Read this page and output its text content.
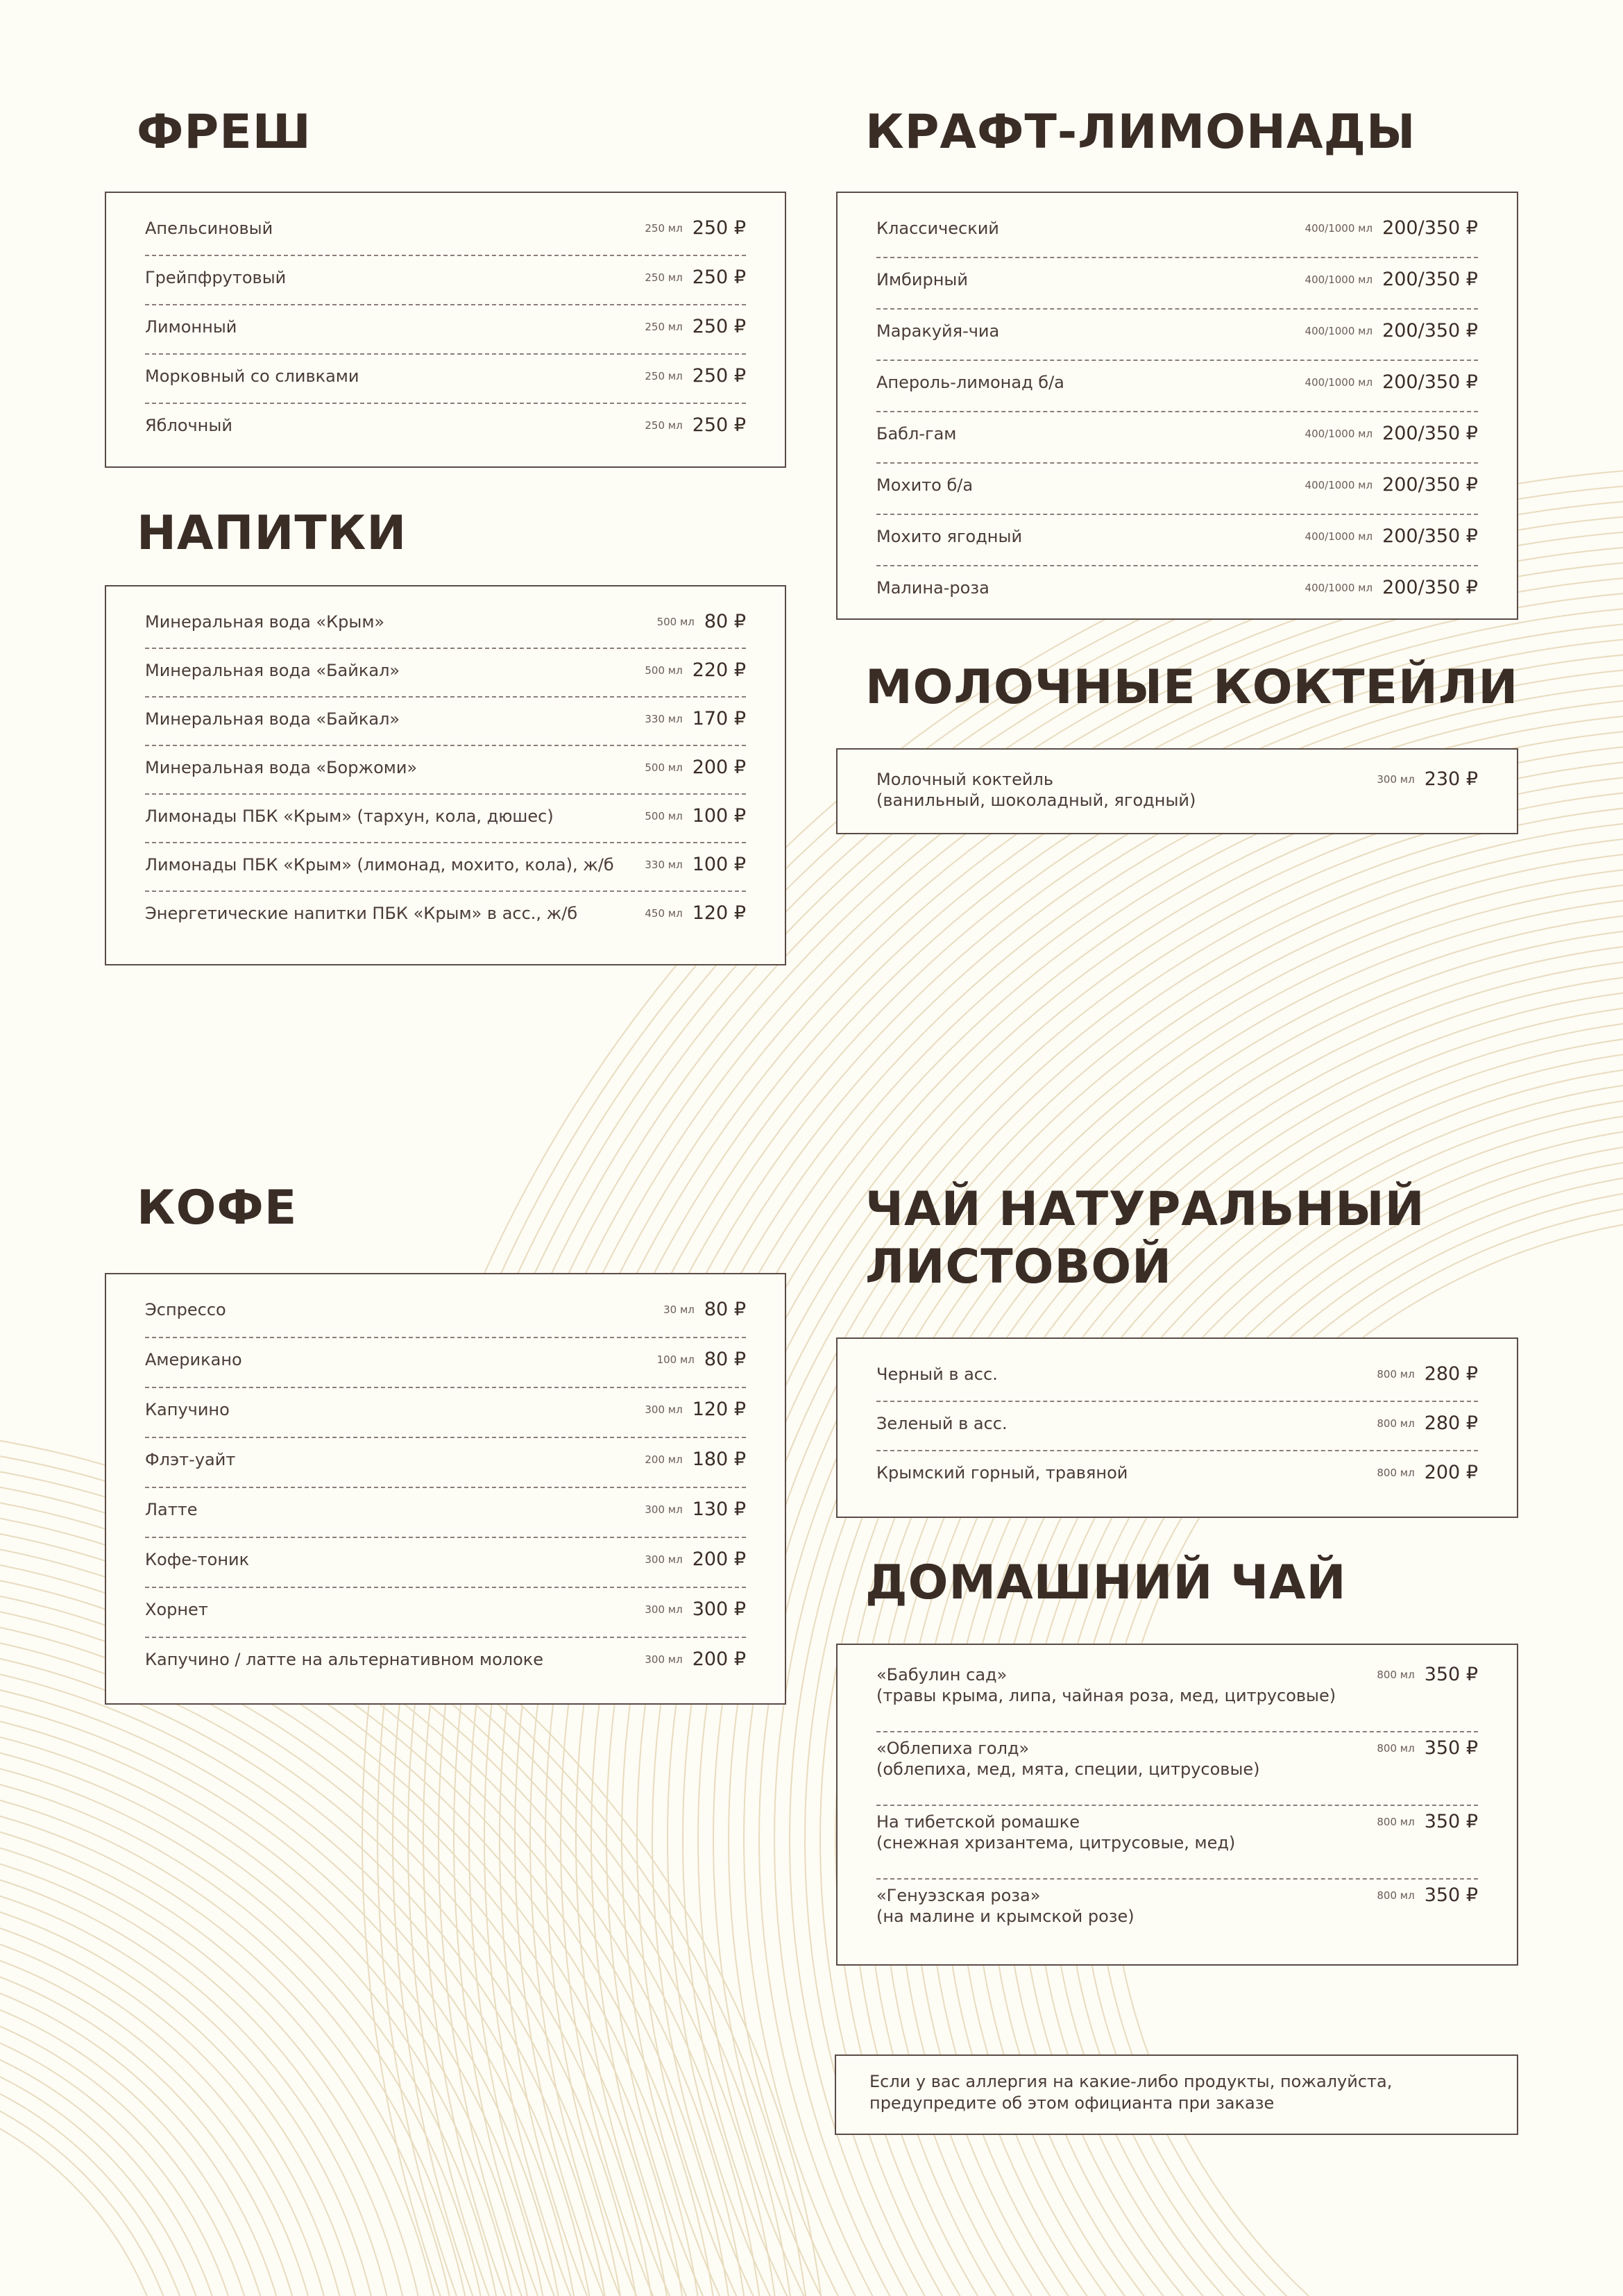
ФРЕШ
Апельсиновый	250 мл 250 ₽
Грейпфрутовый	250 мл 250 ₽
Лимонный	250 мл 250 ₽
Морковный со сливками	250 мл 250 ₽
Яблочный	250 мл 250 ₽
НАПИТКИ
Минеральная вода «Крым»	500 мл 80 ₽
Минеральная вода «Байкал»	500 мл 220 ₽
Минеральная вода «Байкал»	330 мл 170 ₽
Минеральная вода «Боржоми»	500 мл 200 ₽
Лимонады ПБК «Крым» (тархун, кола, дюшес)	500 мл 100 ₽
Лимонады ПБК «Крым» (лимонад, мохито, кола), ж/б	330 мл 100 ₽
Энергетические напитки ПБК «Крым» в асс., ж/б	450 мл 120 ₽
КРАФТ-ЛИМОНАДЫ
Классический	400/1000 мл 200/350 ₽
Имбирный	400/1000 мл 200/350 ₽
Маракуйя-чиа	400/1000 мл 200/350 ₽
Апероль-лимонад б/а	400/1000 мл 200/350 ₽
Бабл-гам	400/1000 мл 200/350 ₽
Мохито б/а	400/1000 мл 200/350 ₽
Мохито ягодный	400/1000 мл 200/350 ₽
Малина-роза	400/1000 мл 200/350 ₽
МОЛОЧНЫЕ КОКТЕЙЛИ
Молочный коктейль
(ванильный, шоколадный, ягодный)
300 мл 230 ₽
КОФЕ
Эспрессо	30 мл 80 ₽
Американо	100 мл 80 ₽
Капучино	300 мл 120 ₽
Флэт-уайт	200 мл 180 ₽
Латте	300 мл 130 ₽
Кофе-тоник	300 мл 200 ₽
Хорнет	300 мл 300 ₽
Капучино / латте на альтернативном молоке	300 мл 200 ₽
ЧАЙ НАТУРАЛЬНЫЙ
ЛИСТОВОЙ
Черный в асс.	800 мл 280 ₽
Зеленый в асс.	800 мл 280 ₽
Крымский горный, травяной	800 мл 200 ₽
ДОМАШНИЙ ЧАЙ
«Бабулин сад»
(травы крыма, липа, чайная роза, мед, цитрусовые)
800 мл 350 ₽
«Облепиха голд»
(облепиха, мед, мята, специи, цитрусовые)
800 мл 350 ₽
На тибетской ромашке
(снежная хризантема, цитрусовые, мед)
800 мл 350 ₽
«Генуэзская роза»
(на малине и крымской розе)
800 мл 350 ₽
Если у вас аллергия на какие-либо продукты, пожалуйста,
предупредите об этом официанта при заказе
